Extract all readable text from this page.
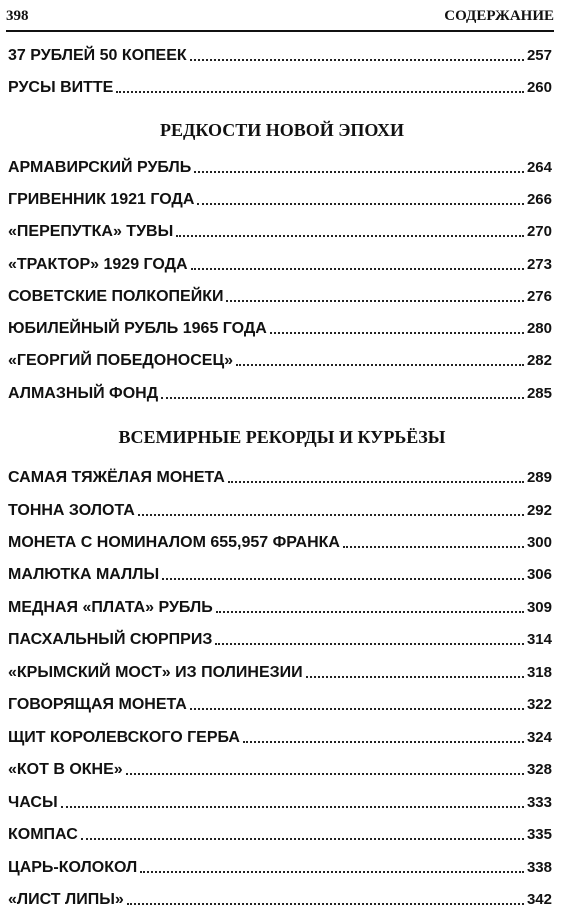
398	СОДЕРЖАНИЕ
37 РУБЛЕЙ 50 КОПЕЕК	257
РУСЫ ВИТТЕ	260
РЕДКОСТИ НОВОЙ ЭПОХИ
АРМАВИРСКИЙ РУБЛЬ	264
ГРИВЕННИК 1921 ГОДА	266
«ПЕРЕПУТКА» ТУВЫ	270
«ТРАКТОР» 1929 ГОДА	273
СОВЕТСКИЕ ПОЛКОПЕЙКИ	276
ЮБИЛЕЙНЫЙ РУБЛЬ 1965 ГОДА	280
«ГЕОРГИЙ ПОБЕДОНОСЕЦ»	282
АЛМАЗНЫЙ ФОНД	285
ВСЕМИРНЫЕ РЕКОРДЫ И КУРЬЁЗЫ
САМАЯ ТЯЖЁЛАЯ МОНЕТА	289
ТОННА ЗОЛОТА	292
МОНЕТА С НОМИНАЛОМ 655,957 ФРАНКА	300
МАЛЮТКА МАЛЛЫ	306
МЕДНАЯ «ПЛАТА» РУБЛЬ	309
ПАСХАЛЬНЫЙ СЮРПРИЗ	314
«КРЫМСКИЙ МОСТ» ИЗ ПОЛИНЕЗИИ	318
ГОВОРЯЩАЯ МОНЕТА	322
ЩИТ КОРОЛЕВСКОГО ГЕРБА	324
«КОТ В ОКНЕ»	328
ЧАСЫ	333
КОМПАС	335
ЦАРЬ-КОЛОКОЛ	338
«ЛИСТ ЛИПЫ»	342
